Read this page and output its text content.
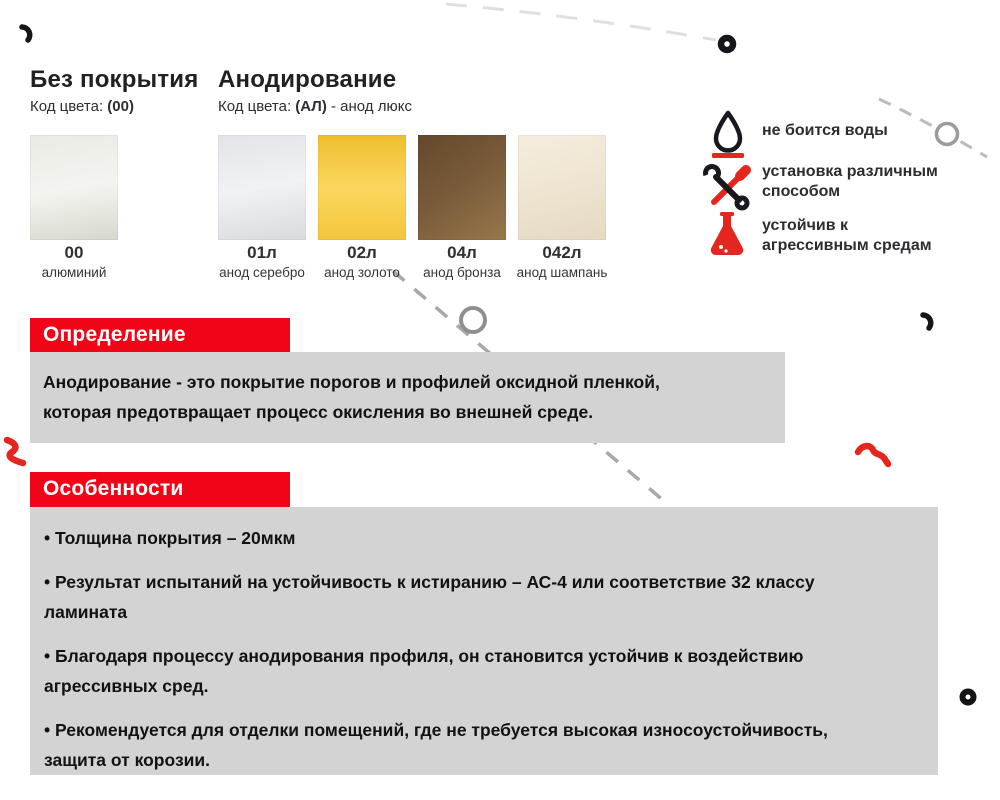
Без покрытия
Код цвета: (00)
Анодирование
Код цвета: (АЛ) - анод люкс
00
алюминий
01л
анод серебро
02л
анод золото
04л
анод бронза
042л
анод шампань
не боится воды
установка различным способом
устойчив к агрессивным средам
Определение

Анодирование - это покрытие порогов и профилей оксидной пленкой, которая предотвращает процесс окисления во внешней среде.

Особенности
• Толщина покрытия – 20мкм
• Результат испытаний на устойчивость к истиранию – АС-4 или соответствие 32 классу ламината
• Благодаря процессу анодирования профиля, он становится устойчив к воздействию агрессивных сред.
• Рекомендуется для отделки помещений, где не требуется высокая износоустойчивость, защита от корозии.
